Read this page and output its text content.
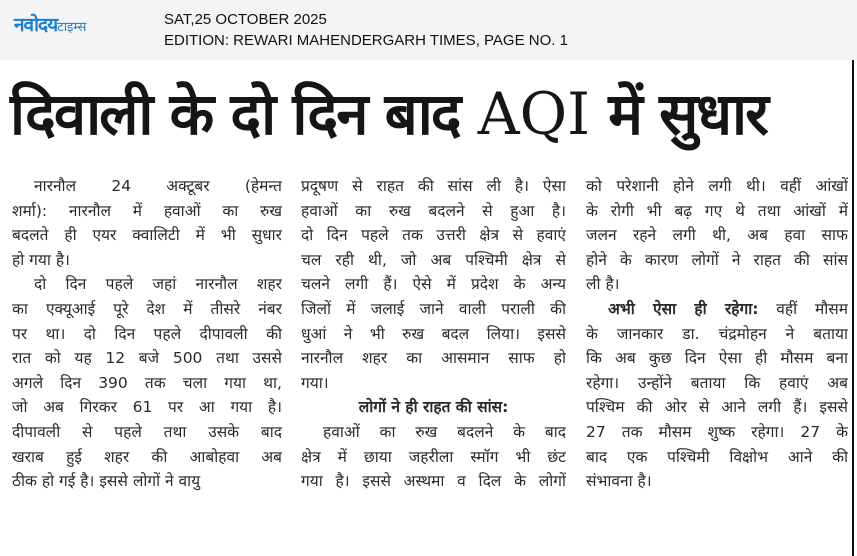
नवोदयटाइम्स	SAT,25 OCTOBER 2025
EDITION: REWARI MAHENDERGARH TIMES, PAGE NO. 1
दिवाली के दो दिन बाद AQI में सुधार
नारनौल 24 अक्टूबर (हेमन्त
शर्मा): नारनौल में हवाओं का रुख
बदलते ही एयर क्वालिटी में भी सुधार
हो गया है।
दो दिन पहले जहां नारनौल शहर
का एक्यूआई पूरे देश में तीसरे नंबर
पर था। दो दिन पहले दीपावली की
रात को यह 12 बजे 500 तथा उससे
अगले दिन 390 तक चला गया था,
जो अब गिरकर 61 पर आ गया है।
दीपावली से पहले तथा उसके बाद
खराब हुई शहर की आबोहवा अब
ठीक हो गई है। इससे लोगों ने वायु
प्रदूषण से राहत की सांस ली है। ऐसा
हवाओं का रुख बदलने से हुआ है।
दो दिन पहले तक उत्तरी क्षेत्र से हवाएं
चल रही थी, जो अब पश्चिमी क्षेत्र से
चलने लगी हैं। ऐसे में प्रदेश के अन्य
जिलों में जलाई जाने वाली पराली की
धुआं ने भी रुख बदल लिया। इससे
नारनौल शहर का आसमान साफ हो
गया।
लोगों ने ही राहत की सांस:
हवाओं का रुख बदलने के बाद
क्षेत्र में छाया जहरीला स्मॉग भी छंट
गया है। इससे अस्थमा व दिल के लोगों
को परेशानी होने लगी थी। वहीं आंखों
के रोगी भी बढ़ गए थे तथा आंखों में
जलन रहने लगी थी, अब हवा साफ
होने के कारण लोगों ने राहत की सांस
ली है।
अभी ऐसा ही रहेगा: वहीं मौसम
के जानकार डा. चंद्रमोहन ने बताया
कि अब कुछ दिन ऐसा ही मौसम बना
रहेगा। उन्होंने बताया कि हवाएं अब
पश्चिम की ओर से आने लगी हैं। इससे
27 तक मौसम शुष्क रहेगा। 27 के
बाद एक पश्चिमी विक्षोभ आने की
संभावना है।
